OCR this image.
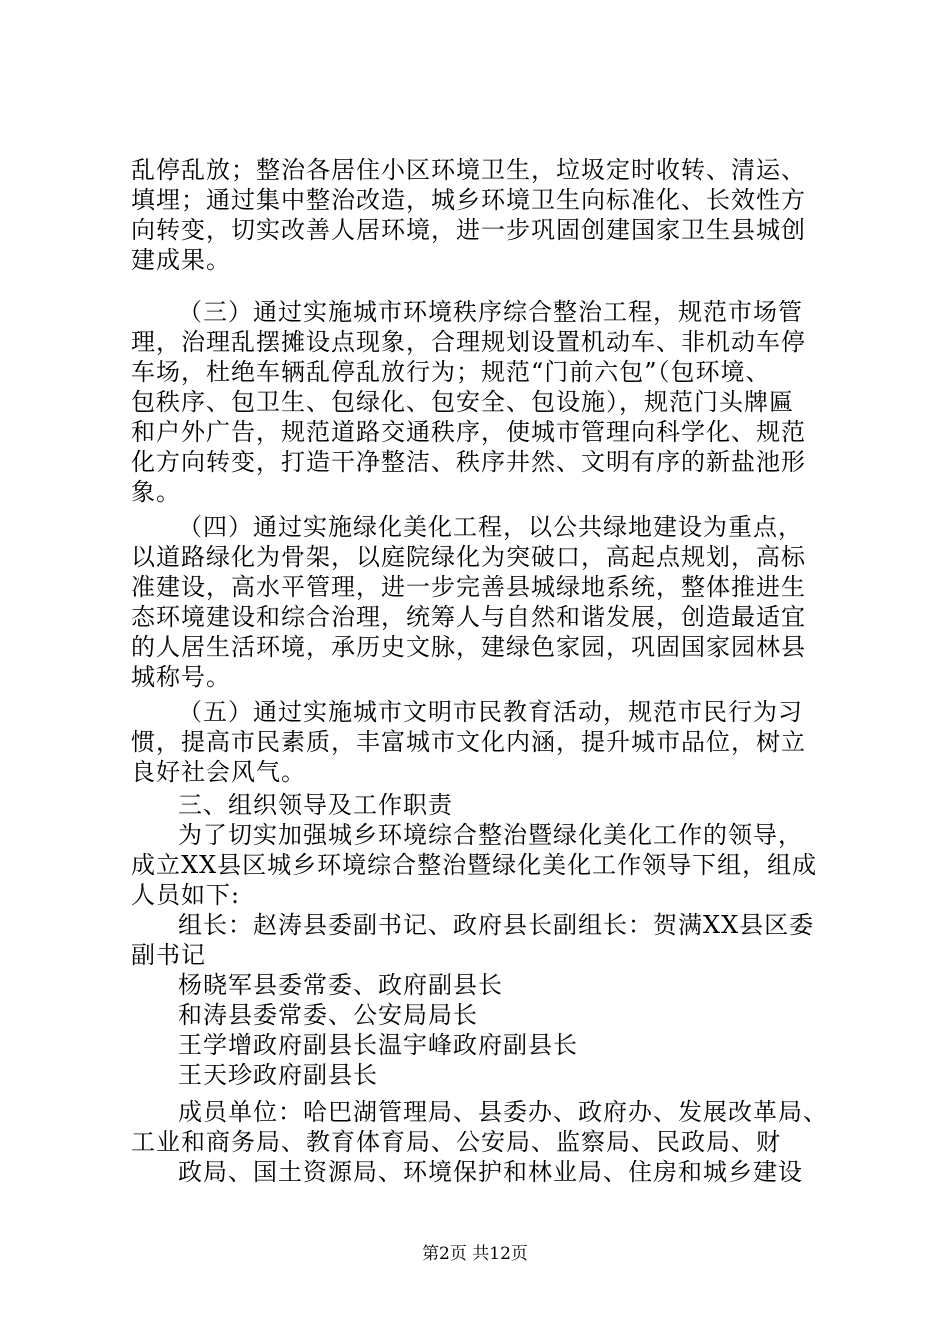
乱停乱放；整治各居住小区环境卫生，垃圾定时收转、清运、
填埋；通过集中整治改造，城乡环境卫生向标准化、长效性方
向转变，切实改善人居环境，进一步巩固创建国家卫生县城创
建成果。
（三）通过实施城市环境秩序综合整治工程，规范市场管
理，治理乱摆摊设点现象，合理规划设置机动车、非机动车停
车场，杜绝车辆乱停乱放行为；规范“门前六包”（包环境、
包秩序、包卫生、包绿化、包安全、包设施），规范门头牌匾
和户外广告，规范道路交通秩序，使城市管理向科学化、规范
化方向转变，打造干净整洁、秩序井然、文明有序的新盐池形
象。
（四）通过实施绿化美化工程，以公共绿地建设为重点，
以道路绿化为骨架，以庭院绿化为突破口，高起点规划，高标
准建设，高水平管理，进一步完善县城绿地系统，整体推进生
态环境建设和综合治理，统筹人与自然和谐发展，创造最适宜
的人居生活环境，承历史文脉，建绿色家园，巩固国家园林县
城称号。
（五）通过实施城市文明市民教育活动，规范市民行为习
惯，提高市民素质，丰富城市文化内涵，提升城市品位，树立
良好社会风气。
三、组织领导及工作职责
为了切实加强城乡环境综合整治暨绿化美化工作的领导，
成立XX县区城乡环境综合整治暨绿化美化工作领导下组，组成
人员如下:
组长：赵涛县委副书记、政府县长副组长：贺满XX县区委
副书记
杨晓军县委常委、政府副县长
和涛县委常委、公安局局长
王学增政府副县长温宇峰政府副县长
王天珍政府副县长
成员单位：哈巴湖管理局、县委办、政府办、发展改革局、
工业和商务局、教育体育局、公安局、监察局、民政局、财
政局、国土资源局、环境保护和林业局、住房和城乡建设
第2页 共12页
